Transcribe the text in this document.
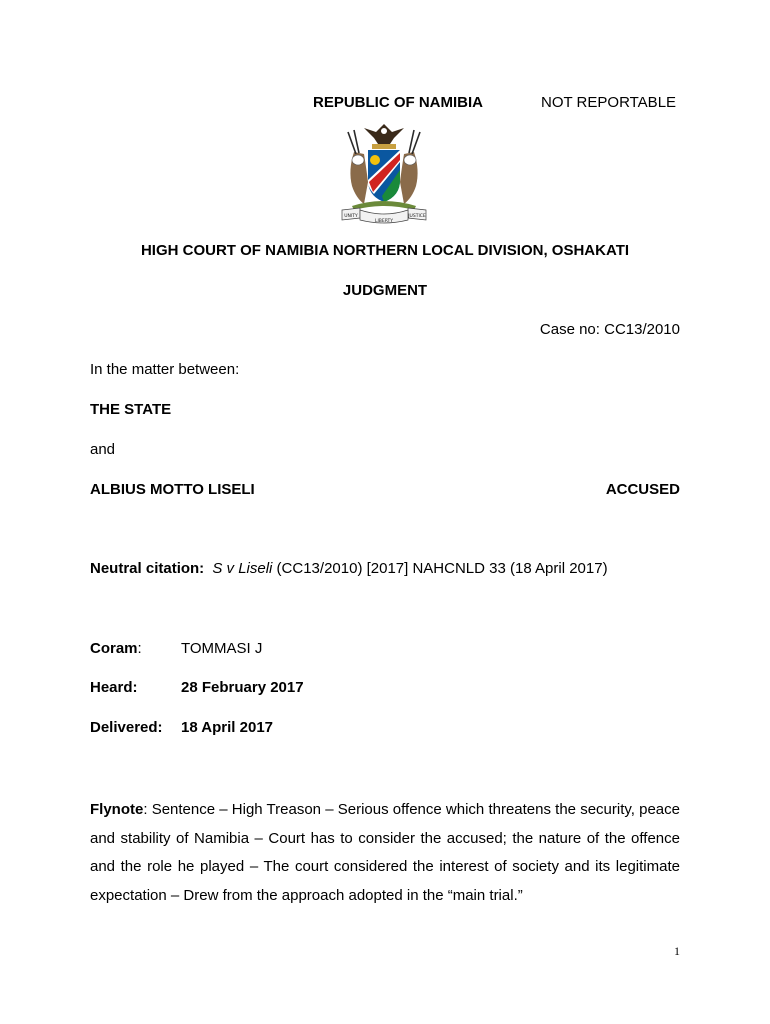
REPUBLIC OF NAMIBIA	NOT REPORTABLE
UNITY	JUSTICE
LIBERTY
HIGH COURT OF NAMIBIA NORTHERN LOCAL DIVISION, OSHAKATI
JUDGMENT
Case no: CC13/2010
In the matter between:
THE STATE
and
ALBIUS MOTTO LISELI	ACCUSED
Neutral citation: S v Liseli (CC13/2010) [2017] NAHCNLD 33 (18 April 2017)
Coram:	TOMMASI J
Heard:	28 February 2017
Delivered: 18 April 2017
Flynote: Sentence – High Treason – Serious offence which threatens the security, peace and stability of Namibia – Court has to consider the accused; the nature of the offence and the role he played – The court considered the interest of society and its legitimate expectation – Drew from the approach adopted in the “main trial.”
1
